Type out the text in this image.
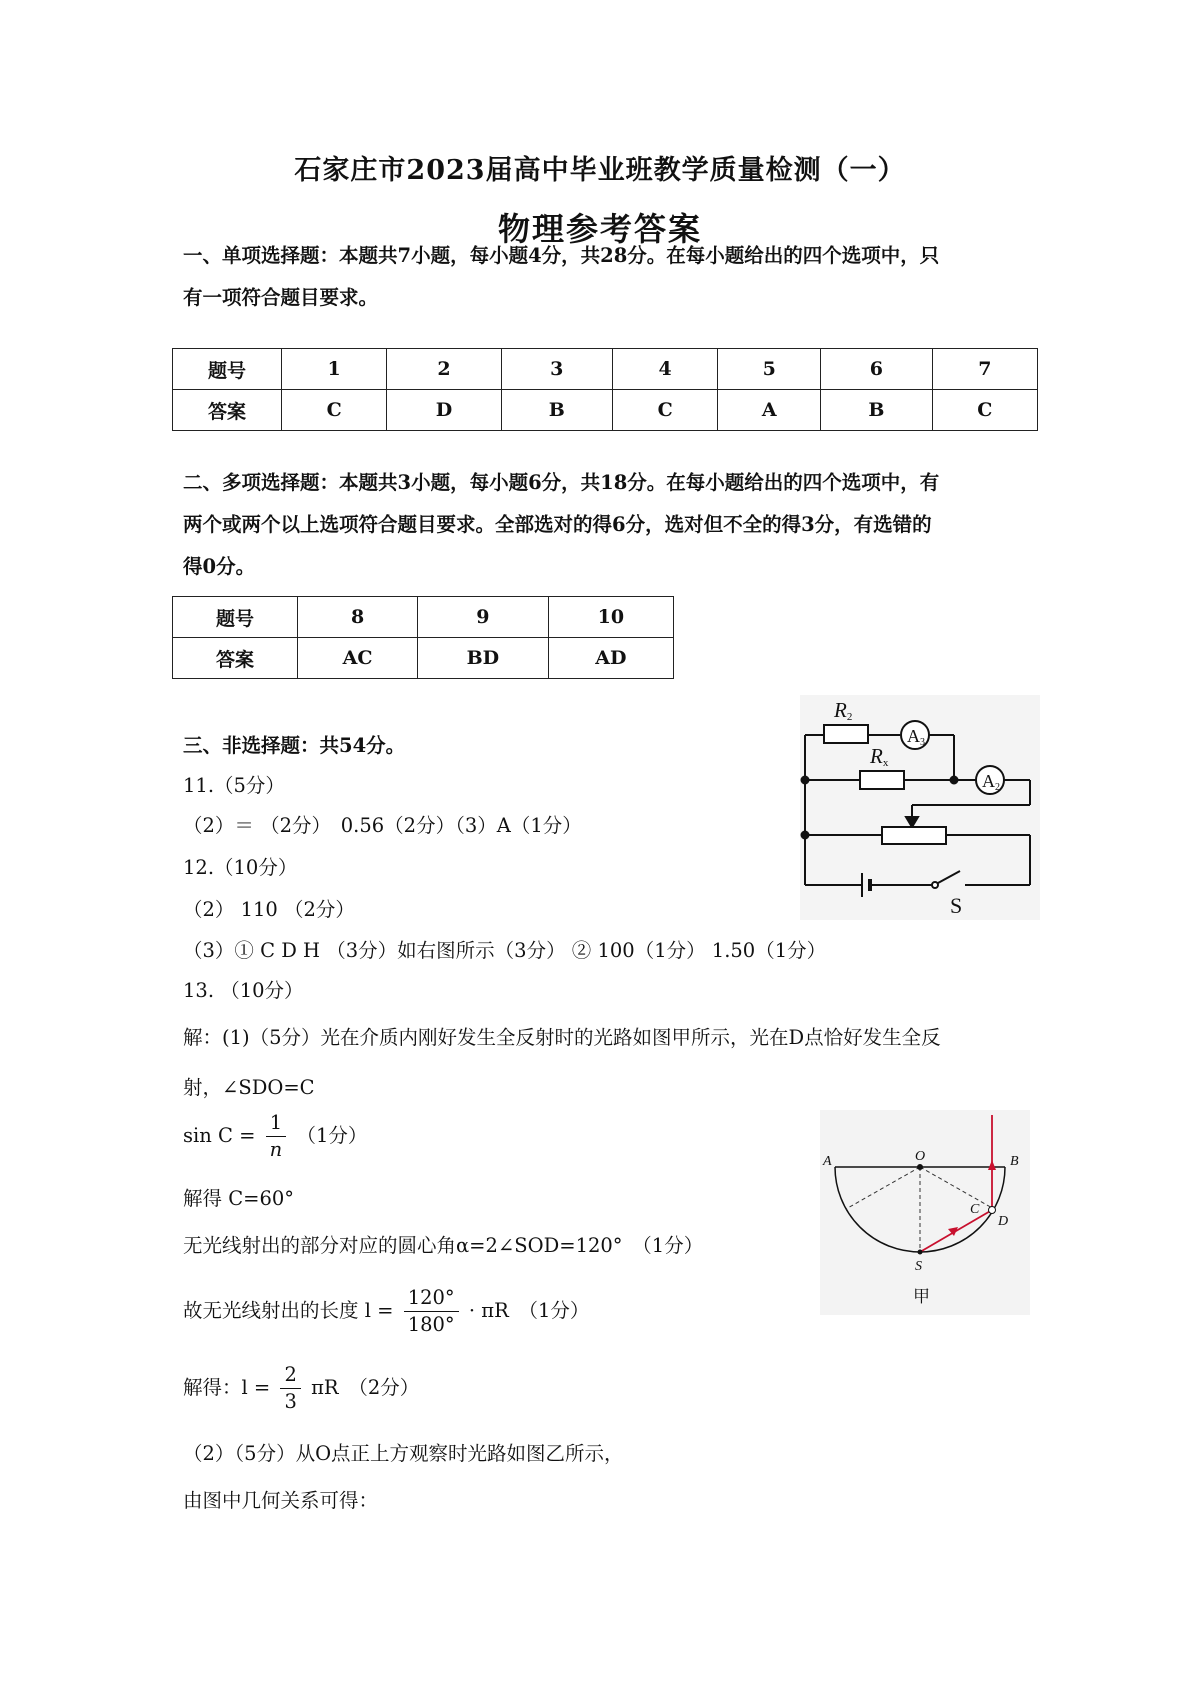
石家庄市2023届高中毕业班教学质量检测（一）
物理参考答案
一、单项选择题：本题共7小题，每小题4分，共28分。在每小题给出的四个选项中，只
有一项符合题目要求。
题号	1	2	3	4	5	6	7
答案	C	D	B	C	A	B	C
二、多项选择题：本题共3小题，每小题6分，共18分。在每小题给出的四个选项中，有
两个或两个以上选项符合题目要求。全部选对的得6分，选对但不全的得3分，有选错的
得0分。
题号	8	9	10
答案	AC	BD	AD
三、非选择题：共54分。
11.（5分）
（2）＝ （2分）　0.56（2分）（3）A（1分）
12.（10分）
（2） 110 （2分）
（3）① C D H （3分）如右图所示（3分） ② 100（1分） 1.50（1分）
13. （10分）
解：(1)（5分）光在介质内刚好发生全反射时的光路如图甲所示，光在D点恰好发生全反
射，∠SDO=C
$\sin C = \frac{1}{n} (1$分）
解得 C=60°
无光线射出的部分对应的圆心角α=2∠SOD=120°　（1分）
故无光线射出的长度 $l = \frac{120^\circ}{180^\circ} \cdot \pi R$　（1分）
解得：$l = \frac{2}{3}$ πR　（2分）
（2）（5分）从O点正上方观察时光路如图乙所示，
由图中几何关系可得：
R2
A3
Rx
A2
S
A	O	B
C
D
S
甲
